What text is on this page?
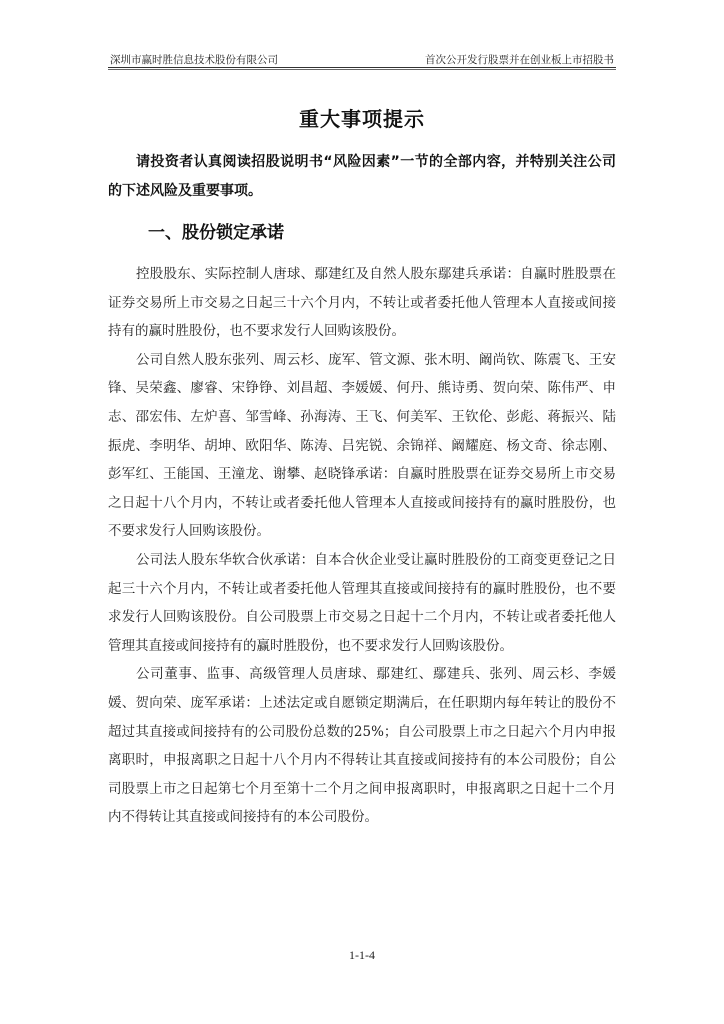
深圳市赢时胜信息技术股份有限公司	首次公开发行股票并在创业板上市招股书
重大事项提示

请投资者认真阅读招股说明书“风险因素”一节的全部内容，并特别关注公司的下述风险及重要事项。

一、股份锁定承诺

控股股东、实际控制人唐球、鄢建红及自然人股东鄢建兵承诺：自赢时胜股票在证券交易所上市交易之日起三十六个月内，不转让或者委托他人管理本人直接或间接持有的赢时胜股份，也不要求发行人回购该股份。

公司自然人股东张列、周云杉、庞军、管文源、张木明、阚尚钦、陈震飞、王安锋、吴荣鑫、廖睿、宋铮铮、刘昌超、李媛媛、何丹、熊诗勇、贺向荣、陈伟严、申志、邵宏伟、左炉喜、邹雪峰、孙海涛、王飞、何美军、王钦伦、彭彪、蒋振兴、陆振虎、李明华、胡坤、欧阳华、陈涛、吕宪锐、余锦祥、阚耀庭、杨文奇、徐志刚、彭军红、王能国、王潼龙、谢攀、赵晓锋承诺：自赢时胜股票在证券交易所上市交易之日起十八个月内，不转让或者委托他人管理本人直接或间接持有的赢时胜股份，也不要求发行人回购该股份。

公司法人股东华软合伙承诺：自本合伙企业受让赢时胜股份的工商变更登记之日起三十六个月内，不转让或者委托他人管理其直接或间接持有的赢时胜股份，也不要求发行人回购该股份。自公司股票上市交易之日起十二个月内，不转让或者委托他人管理其直接或间接持有的赢时胜股份，也不要求发行人回购该股份。

公司董事、监事、高级管理人员唐球、鄢建红、鄢建兵、张列、周云杉、李媛媛、贺向荣、庞军承诺：上述法定或自愿锁定期满后，在任职期内每年转让的股份不超过其直接或间接持有的公司股份总数的25%；自公司股票上市之日起六个月内申报离职时，申报离职之日起十八个月内不得转让其直接或间接持有的本公司股份；自公司股票上市之日起第七个月至第十二个月之间申报离职时，申报离职之日起十二个月内不得转让其直接或间接持有的本公司股份。

1-1-4
